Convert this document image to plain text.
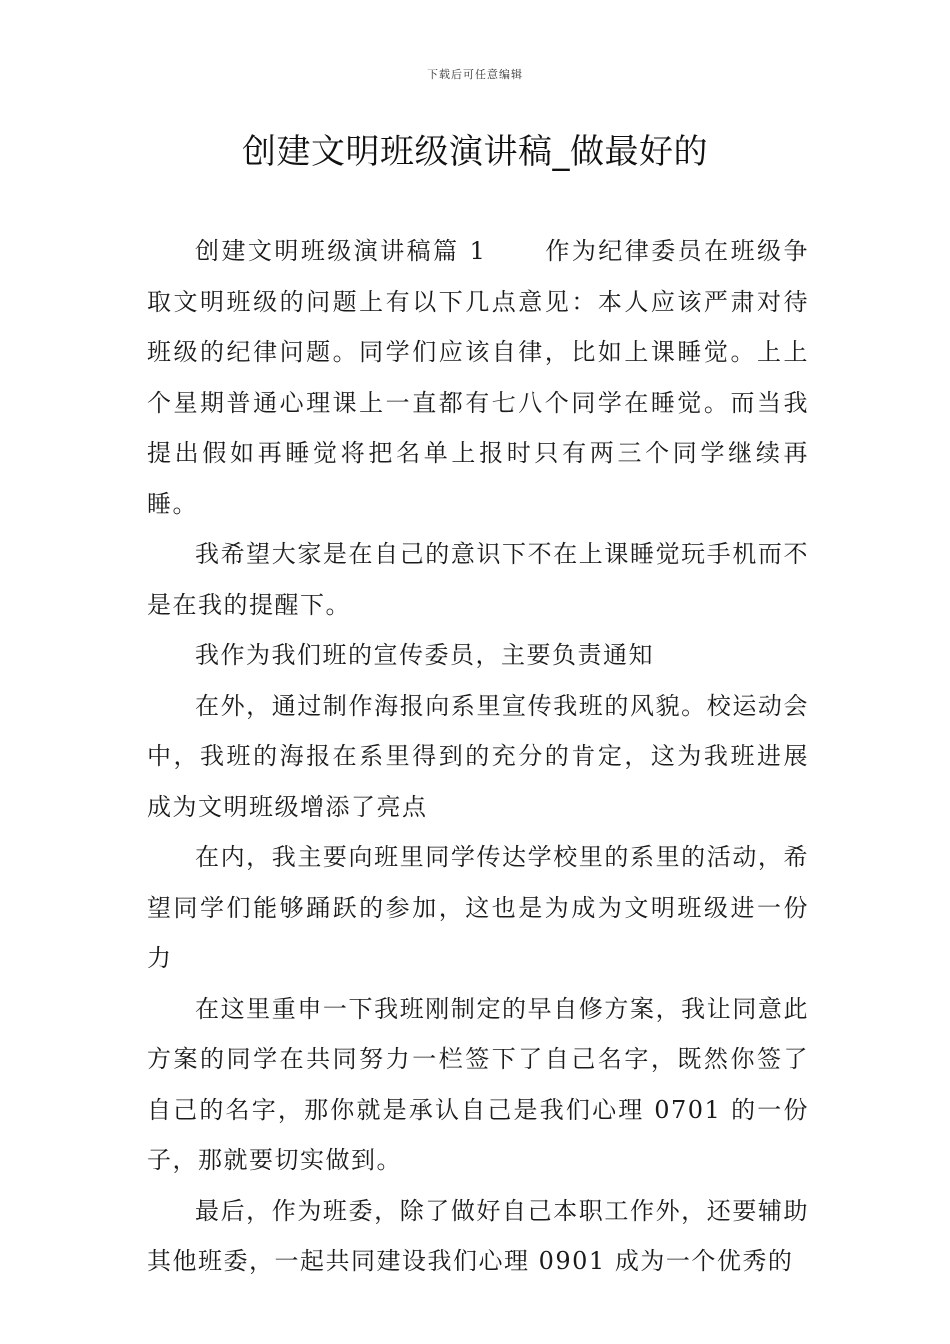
下载后可任意编辑
创建文明班级演讲稿_做最好的

创建文明班级演讲稿篇 1 作为纪律委员在班级争取文明班级的问题上有以下几点意见：本人应该严肃对待班级的纪律问题。同学们应该自律，比如上课睡觉。上上个星期普通心理课上一直都有七八个同学在睡觉。而当我提出假如再睡觉将把名单上报时只有两三个同学继续再睡。

我希望大家是在自己的意识下不在上课睡觉玩手机而不是在我的提醒下。

我作为我们班的宣传委员，主要负责通知

在外，通过制作海报向系里宣传我班的风貌。校运动会中，我班的海报在系里得到的充分的肯定，这为我班进展成为文明班级增添了亮点

在内，我主要向班里同学传达学校里的系里的活动，希望同学们能够踊跃的参加，这也是为成为文明班级进一份力

在这里重申一下我班刚制定的早自修方案，我让同意此方案的同学在共同努力一栏签下了自己名字，既然你签了自己的名字，那你就是承认自己是我们心理 0701 的一份子，那就要切实做到。

最后，作为班委，除了做好自己本职工作外，还要辅助其他班委，一起共同建设我们心理 0901 成为一个优秀的
